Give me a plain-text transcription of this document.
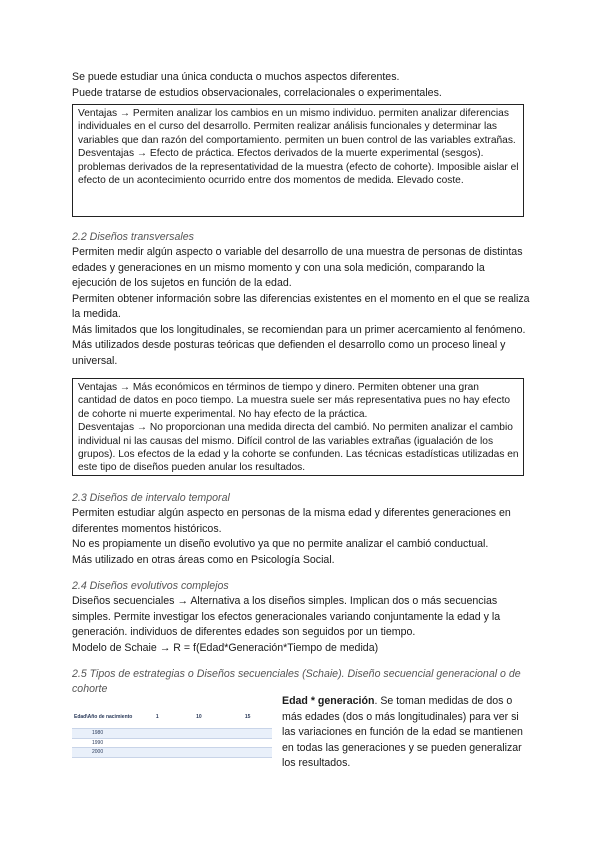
Se puede estudiar una única conducta o muchos aspectos diferentes.

Puede tratarse de estudios observacionales, correlacionales o experimentales.

Ventajas → Permiten analizar los cambios en un mismo individuo. permiten analizar diferencias individuales en el curso del desarrollo. Permiten realizar análisis funcionales y determinar las variables que dan razón del comportamiento. permiten un buen control de las variables extrañas.

Desventajas → Efecto de práctica. Efectos derivados de la muerte experimental (sesgos). problemas derivados de la representatividad de la muestra (efecto de cohorte). Imposible aislar el efecto de un acontecimiento ocurrido entre dos momentos de medida. Elevado coste.

2.2 Diseños transversales

Permiten medir algún aspecto o variable del desarrollo de una muestra de personas de distintas edades y generaciones en un mismo momento y con una sola medición, comparando la ejecución de los sujetos en función de la edad.

Permiten obtener información sobre las diferencias existentes en el momento en el que se realiza la medida.

Más limitados que los longitudinales, se recomiendan para un primer acercamiento al fenómeno.

Más utilizados desde posturas teóricas que defienden el desarrollo como un proceso lineal y universal.

Ventajas → Más económicos en términos de tiempo y dinero. Permiten obtener una gran cantidad de datos en poco tiempo. La muestra suele ser más representativa pues no hay efecto de cohorte ni muerte experimental. No hay efecto de la práctica.

Desventajas → No proporcionan una medida directa del cambió. No permiten analizar el cambio individual ni las causas del mismo. Difícil control de las variables extrañas (igualación de los grupos). Los efectos de la edad y la cohorte se confunden. Las técnicas estadísticas utilizadas en este tipo de diseños pueden anular los resultados.

2.3 Diseños de intervalo temporal

Permiten estudiar algún aspecto en personas de la misma edad y diferentes generaciones en diferentes momentos históricos.

No es propiamente un diseño evolutivo ya que no permite analizar el cambió conductual.

Más utilizado en otras áreas como en Psicología Social.

2.4 Diseños evolutivos complejos

Diseños secuenciales → Alternativa a los diseños simples. Implican dos o más secuencias simples. Permite investigar los efectos generacionales variando conjuntamente la edad y la generación. individuos de diferentes edades son seguidos por un tiempo.

Modelo de Schaie → R = f(Edad*Generación*Tiempo de medida)

2.5 Tipos de estrategias o Diseños secuenciales (Schaie). Diseño secuencial generacional o de cohorte

Edad\Año de nacimiento	1	10	15
1980			
1990			
2000			

Edad * generación. Se toman medidas de dos o más edades (dos o más longitudinales) para ver si las variaciones en función de la edad se mantienen en todas las generaciones y se pueden generalizar los resultados.
